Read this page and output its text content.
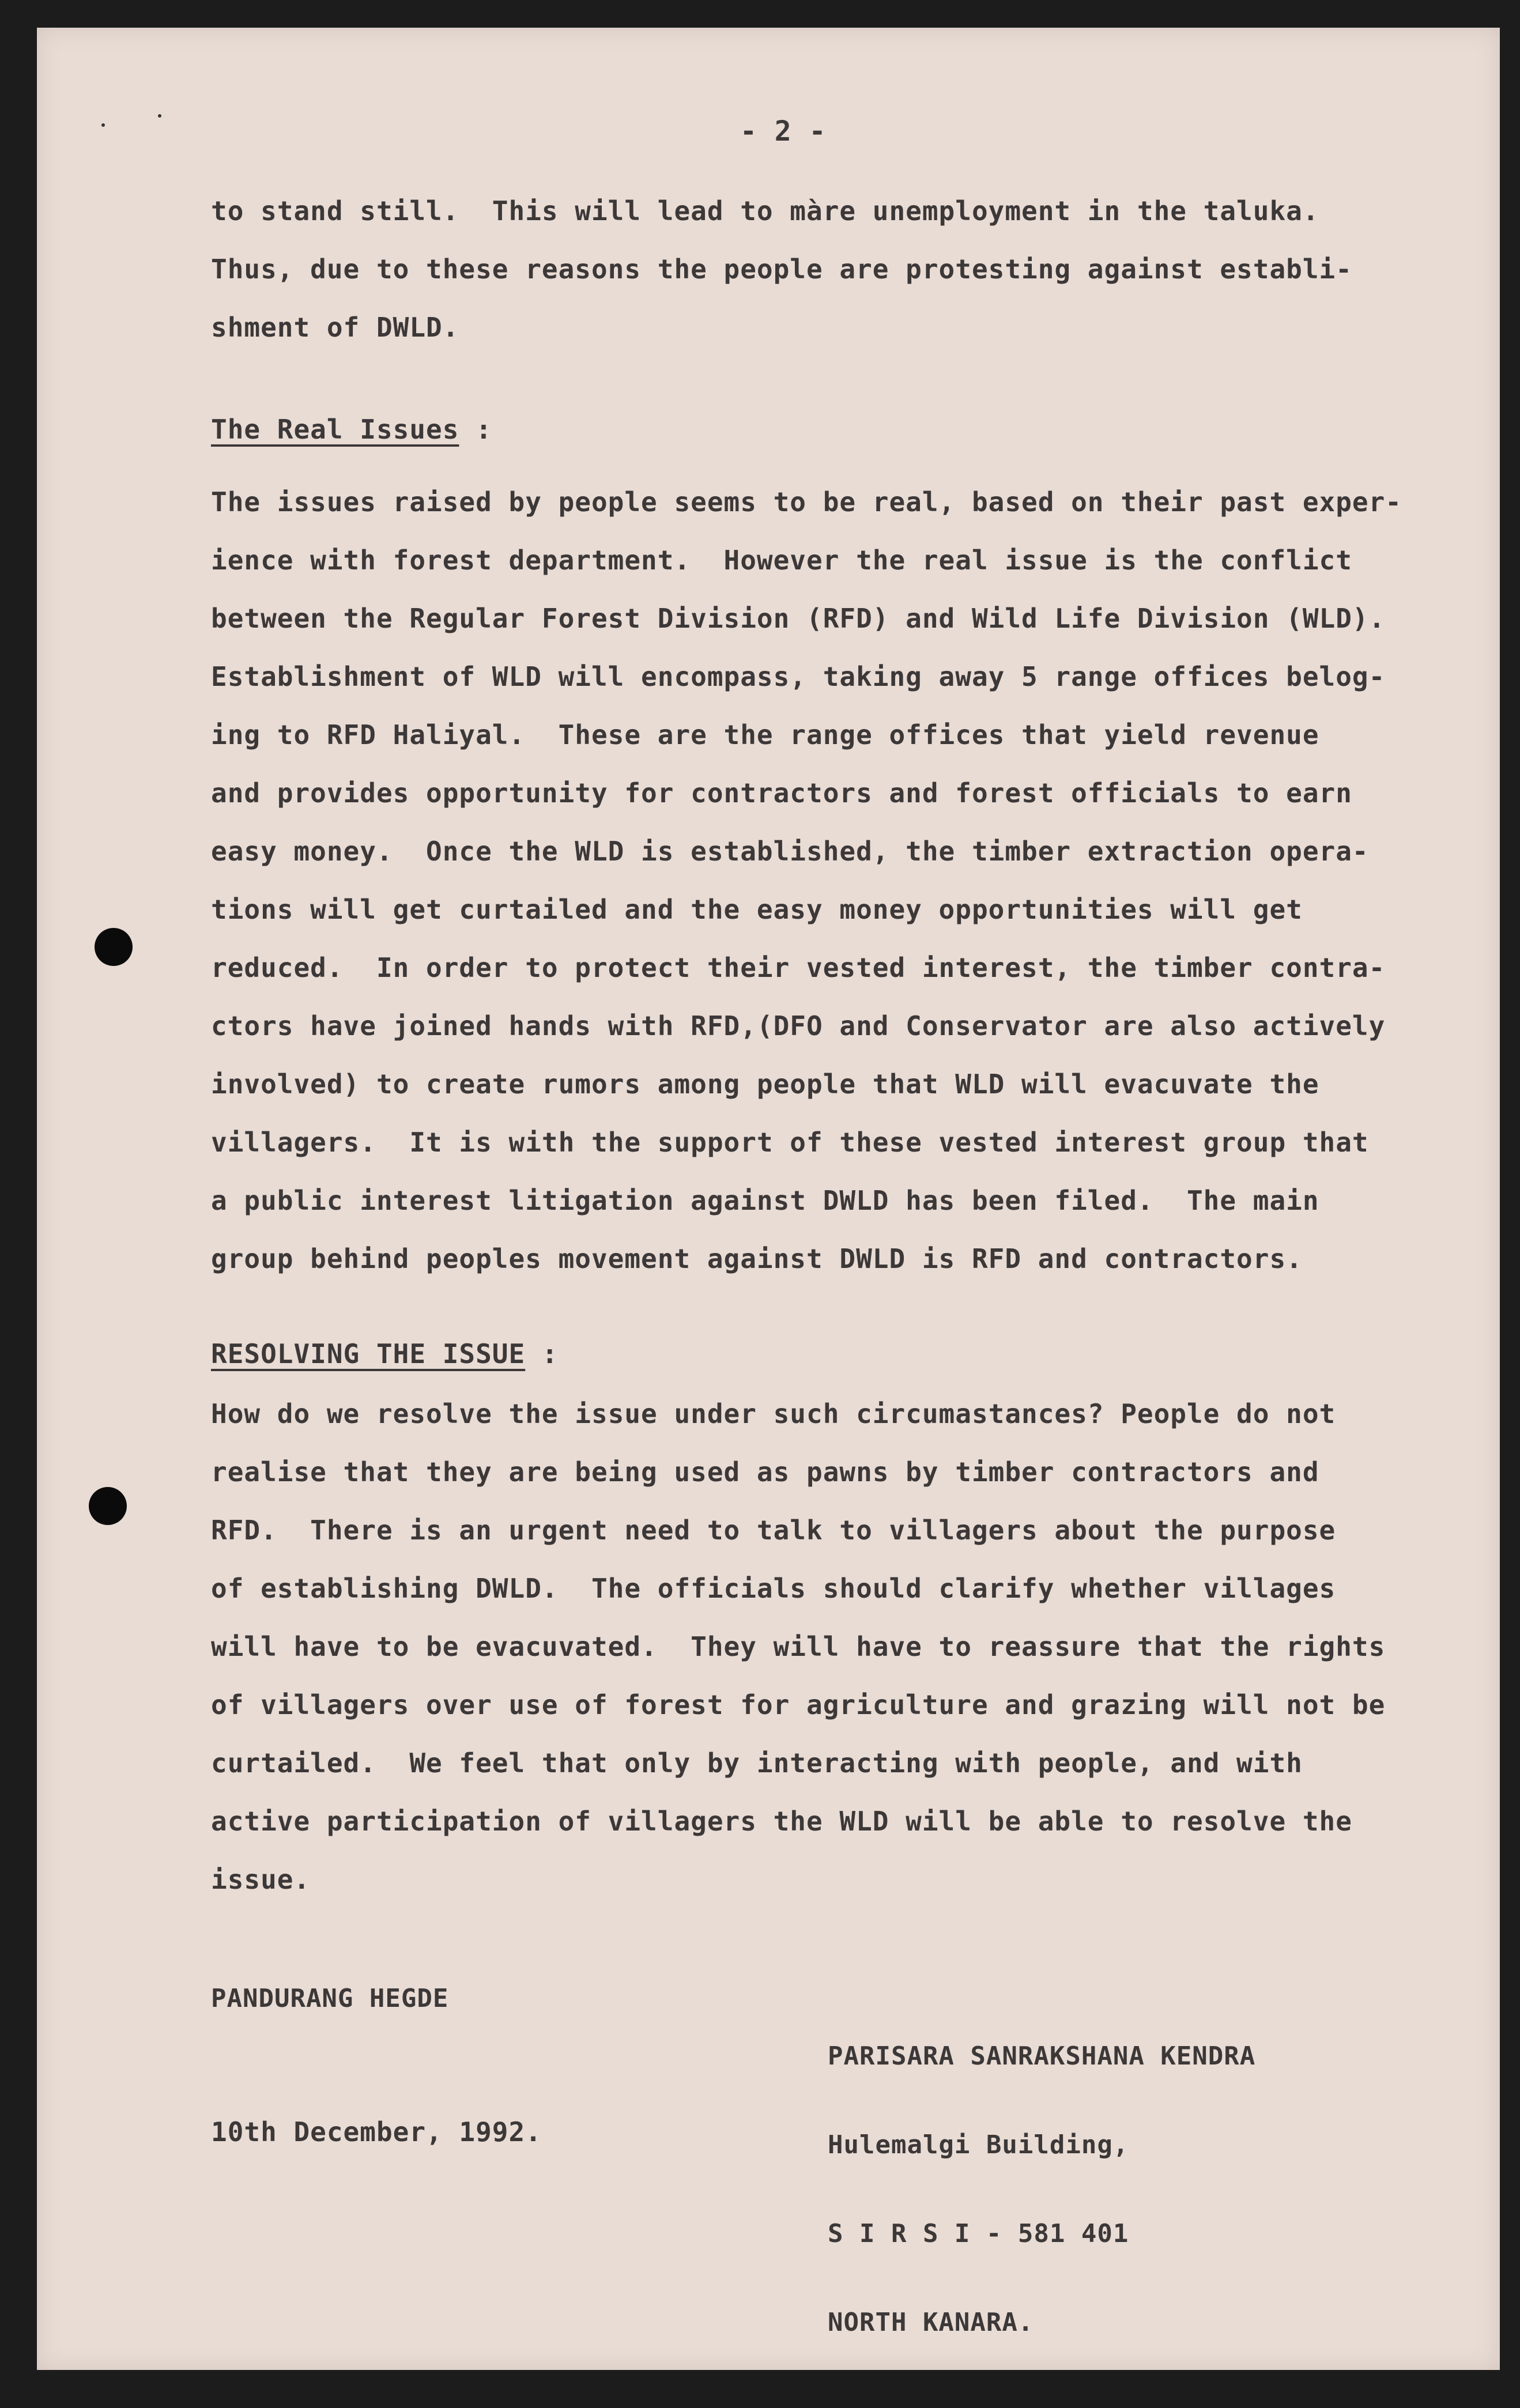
- 2 -
to stand still.  This will lead to màre unemployment in the taluka.
Thus, due to these reasons the people are protesting against establi-
shment of DWLD.
The Real Issues :
The issues raised by people seems to be real, based on their past exper-
ience with forest department.  However the real issue is the conflict
between the Regular Forest Division (RFD) and Wild Life Division (WLD).
Establishment of WLD will encompass, taking away 5 range offices belog-
ing to RFD Haliyal.  These are the range offices that yield revenue
and provides opportunity for contractors and forest officials to earn
easy money.  Once the WLD is established, the timber extraction opera-
tions will get curtailed and the easy money opportunities will get
reduced.  In order to protect their vested interest, the timber contra-
ctors have joined hands with RFD,(DFO and Conservator are also actively
involved) to create rumors among people that WLD will evacuvate the
villagers.  It is with the support of these vested interest group that
a public interest litigation against DWLD has been filed.  The main
group behind peoples movement against DWLD is RFD and contractors.
RESOLVING THE ISSUE :
How do we resolve the issue under such circumastances? People do not
realise that they are being used as pawns by timber contractors and
RFD.  There is an urgent need to talk to villagers about the purpose
of establishing DWLD.  The officials should clarify whether villages
will have to be evacuvated.  They will have to reassure that the rights
of villagers over use of forest for agriculture and grazing will not be
curtailed.  We feel that only by interacting with people, and with
active participation of villagers the WLD will be able to resolve the
issue.
PANDURANG HEGDE

PARISARA SANRAKSHANA KENDRA

Hulemalgi Building,

S I R S I - 581 401

NORTH KANARA.

10th December, 1992.
